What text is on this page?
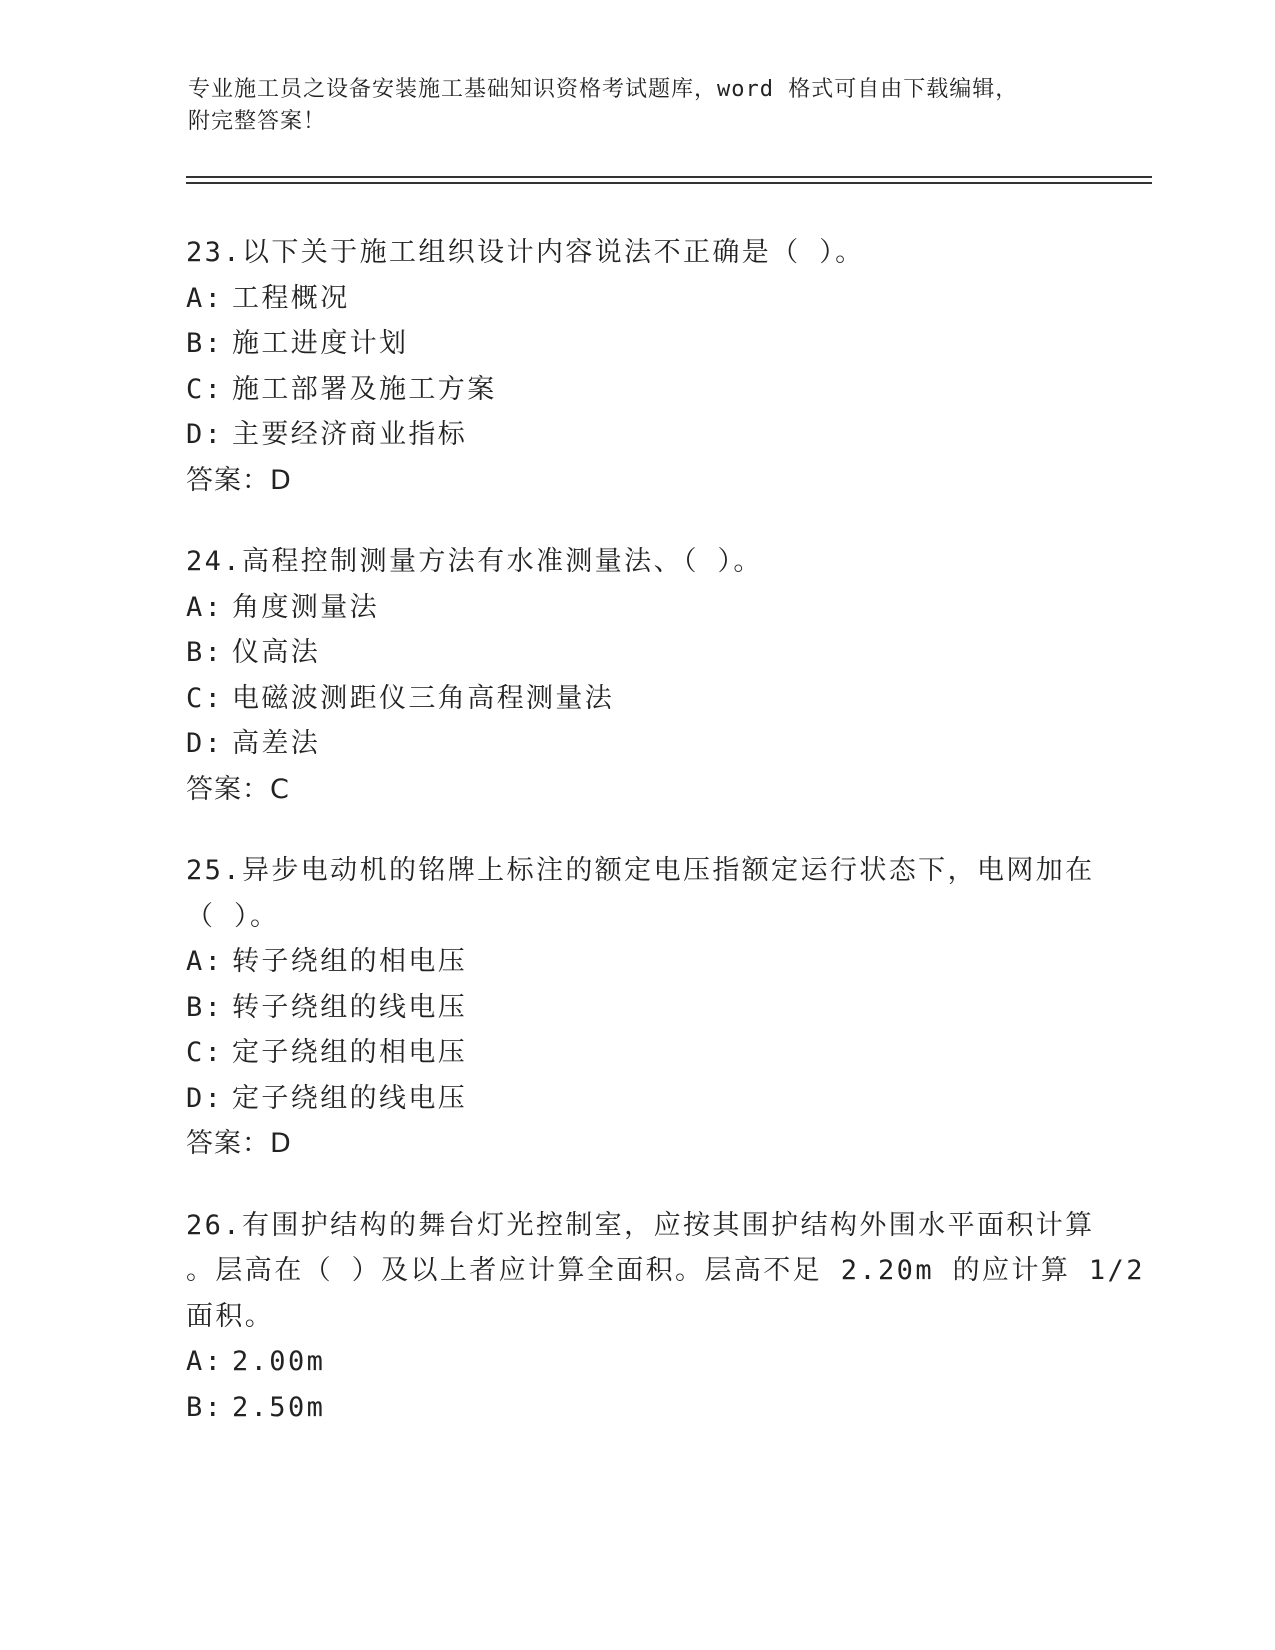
专业施工员之设备安装施工基础知识资格考试题库，word 格式可自由下载编辑，
附完整答案！
23.以下关于施工组织设计内容说法不正确是（ ）。
A: 工程概况
B: 施工进度计划
C: 施工部署及施工方案
D: 主要经济商业指标
答案：D
24.高程控制测量方法有水准测量法、（ ）。
A: 角度测量法
B: 仪高法
C: 电磁波测距仪三角高程测量法
D: 高差法
答案：C
25.异步电动机的铭牌上标注的额定电压指额定运行状态下，电网加在
（ ）。
A: 转子绕组的相电压
B: 转子绕组的线电压
C: 定子绕组的相电压
D: 定子绕组的线电压
答案：D
26.有围护结构的舞台灯光控制室，应按其围护结构外围水平面积计算
。层高在（ ）及以上者应计算全面积。层高不足 2.20m 的应计算 1/2
面积。
A: 2.00m
B: 2.50m
